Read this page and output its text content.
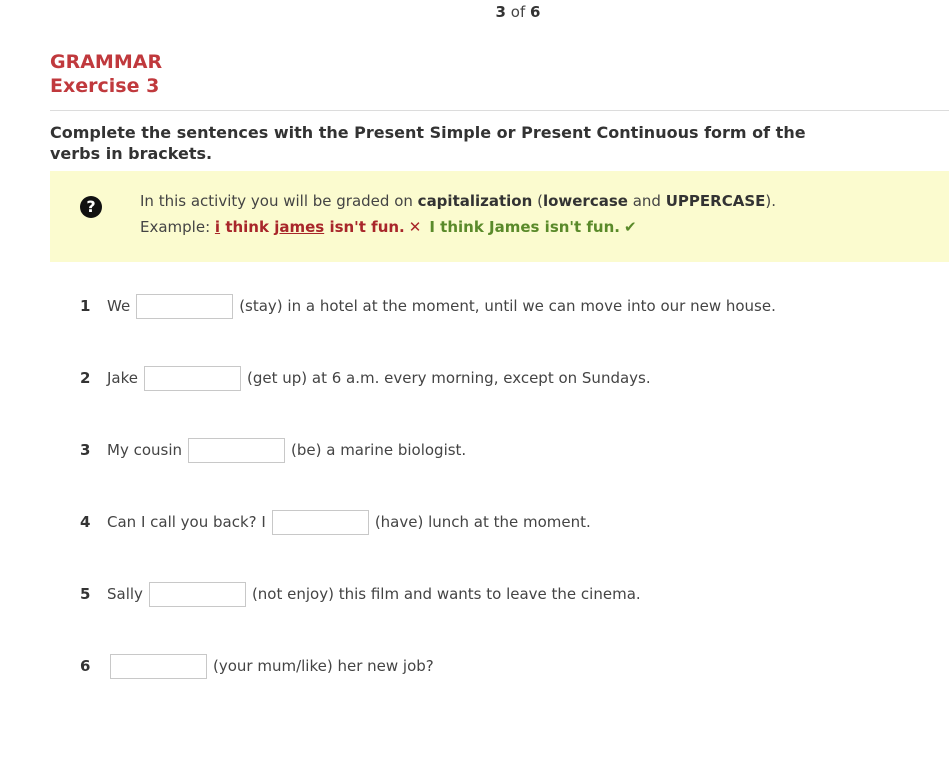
3 of 6
GRAMMAR
Exercise 3
Complete the sentences with the Present Simple or Present Continuous form of the verbs in brackets.
?	In this activity you will be graded on capitalization (lowercase and UPPERCASE).
Example: i think james isn't fun. ✕ I think James isn't fun. ✔
1	We	(stay) in a hotel at the moment, until we can move into our new house.
2	Jake	(get up) at 6 a.m. every morning, except on Sundays.
3	My cousin	(be) a marine biologist.
4	Can I call you back? I	(have) lunch at the moment.
5	Sally	(not enjoy) this film and wants to leave the cinema.
6	(your mum/like) her new job?
